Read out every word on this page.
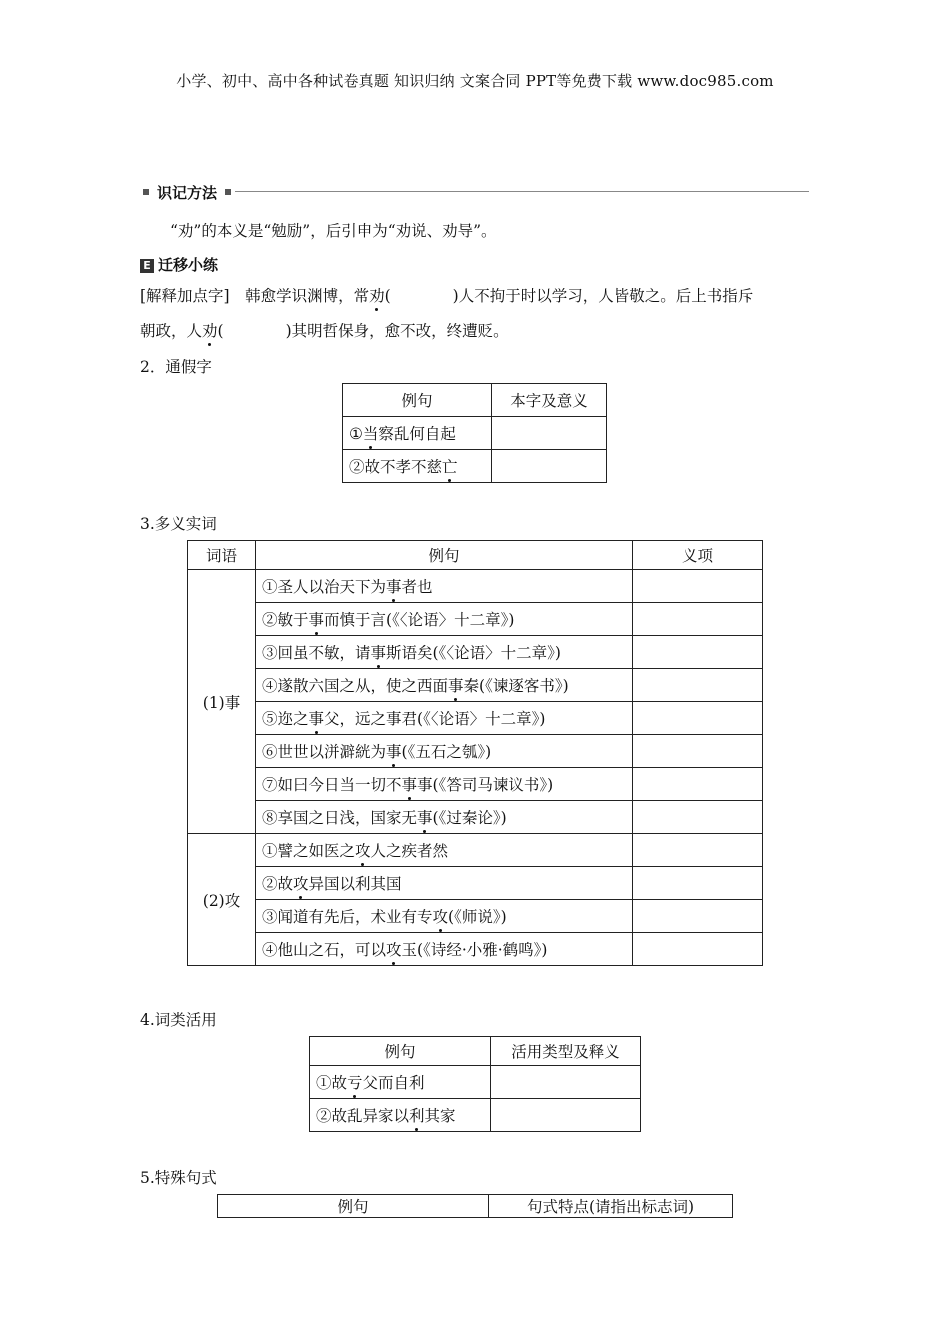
小学、初中、高中各种试卷真题 知识归纳 文案合同 PPT等免费下载 www.doc985.com
识记方法
“劝”的本义是“勉励”，后引申为“劝说、劝导”。
E 迁移小练
[解释加点字]　韩愈学识渊博，常劝(　　　　)人不拘于时以学习，人皆敬之。后上书指斥
朝政，人劝(　　　　)其明哲保身，愈不改，终遭贬。
2．通假字
例句	本字及意义
①当察乱何自起	
②故不孝不慈亡	
3.多义实词
词语	例句	义项
(1)事	①圣人以治天下为事者也	
	②敏于事而慎于言(《〈论语〉十二章》)	
	③回虽不敏，请事斯语矣(《〈论语〉十二章》)	
	④遂散六国之从，使之西面事秦(《谏逐客书》)	
	⑤迩之事父，远之事君(《〈论语〉十二章》)	
	⑥世世以洴澼絖为事(《五石之瓠》)	
	⑦如曰今日当一切不事事(《答司马谏议书》)	
	⑧享国之日浅，国家无事(《过秦论》)	
(2)攻	①譬之如医之攻人之疾者然	
	②故攻异国以利其国	
	③闻道有先后，术业有专攻(《师说》)	
	④他山之石，可以攻玉(《诗经·小雅·鹤鸣》)	
4.词类活用
例句	活用类型及释义
①故亏父而自利	
②故乱异家以利其家	
5.特殊句式
例句	句式特点(请指出标志词)
